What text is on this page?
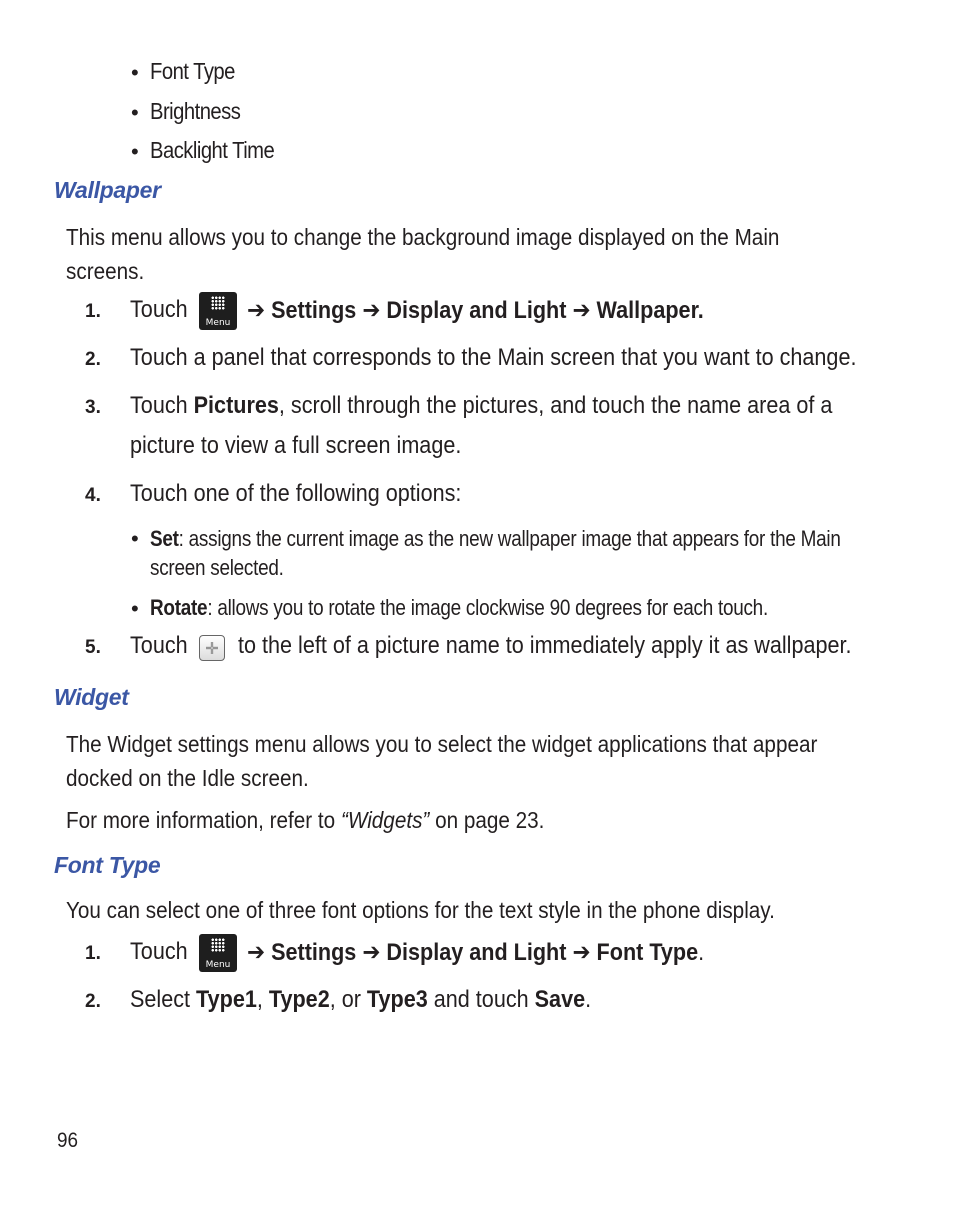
• Font Type
• Brightness
• Backlight Time
Wallpaper
This menu allows you to change the background image displayed on the Main screens.
1. Touch	Menu ➔ Settings ➔ Display and Light ➔ Wallpaper.
2. Touch a panel that corresponds to the Main screen that you want to change.
3. Touch Pictures, scroll through the pictures, and touch the name area of a
picture to view a full screen image.
4. Touch one of the following options:
• Set: assigns the current image as the new wallpaper image that appears for the Main screen selected.
• Rotate: allows you to rotate the image clockwise 90 degrees for each touch.
5. Touch to the left of a picture name to immediately apply it as wallpaper.
Widget
The Widget settings menu allows you to select the widget applications that appear docked on the Idle screen.
For more information, refer to “Widgets” on page 23.
Font Type
You can select one of three font options for the text style in the phone display.
1. Touch	Menu ➔ Settings ➔ Display and Light ➔ Font Type.
2. Select Type1, Type2, or Type3 and touch Save.
96
